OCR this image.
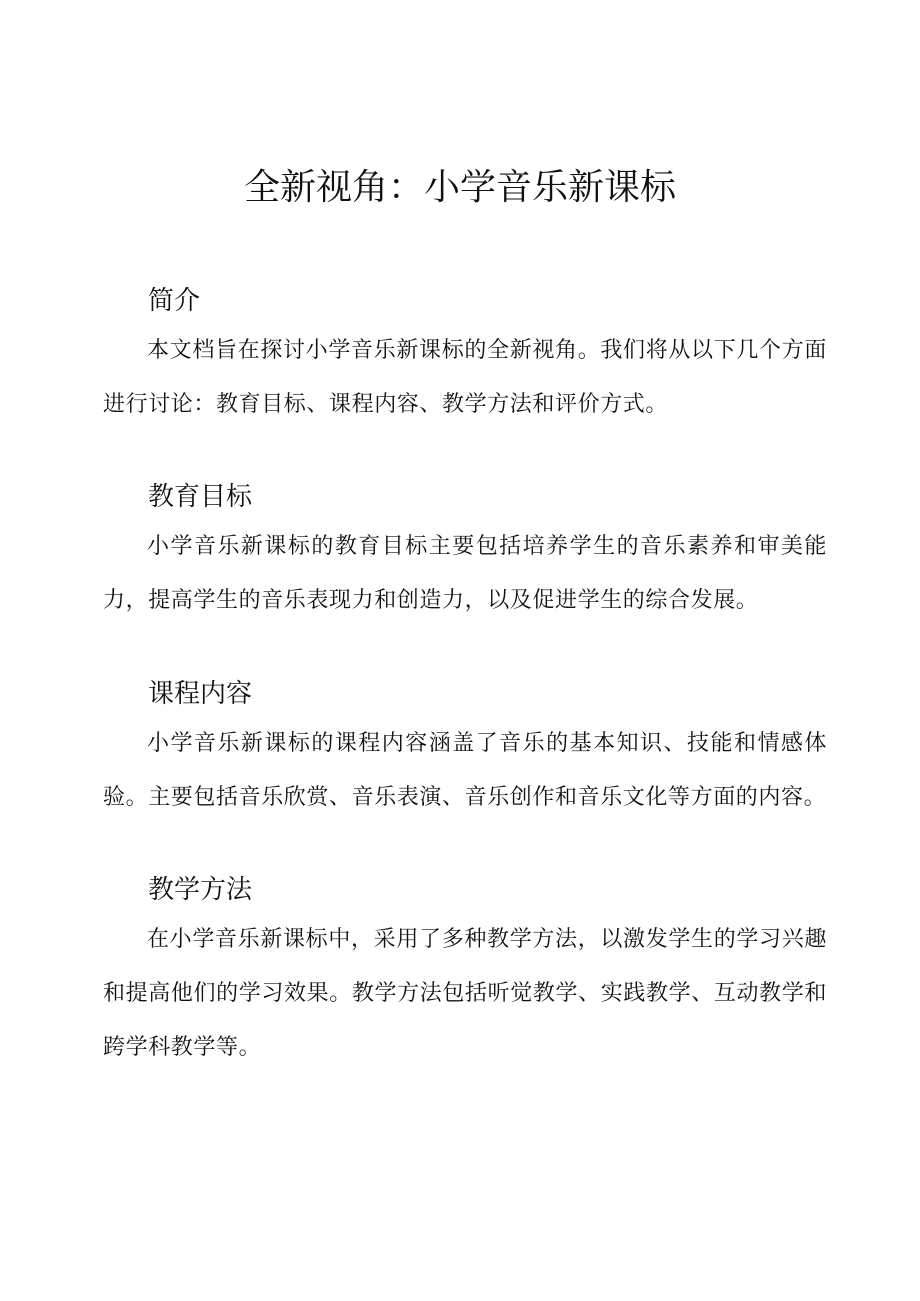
全新视角：小学音乐新课标
简介

本文档旨在探讨小学音乐新课标的全新视角。我们将从以下几个方面进行讨论：教育目标、课程内容、教学方法和评价方式。

教育目标

小学音乐新课标的教育目标主要包括培养学生的音乐素养和审美能力，提高学生的音乐表现力和创造力，以及促进学生的综合发展。

课程内容

小学音乐新课标的课程内容涵盖了音乐的基本知识、技能和情感体验。主要包括音乐欣赏、音乐表演、音乐创作和音乐文化等方面的内容。

教学方法

在小学音乐新课标中，采用了多种教学方法，以激发学生的学习兴趣和提高他们的学习效果。教学方法包括听觉教学、实践教学、互动教学和跨学科教学等。
